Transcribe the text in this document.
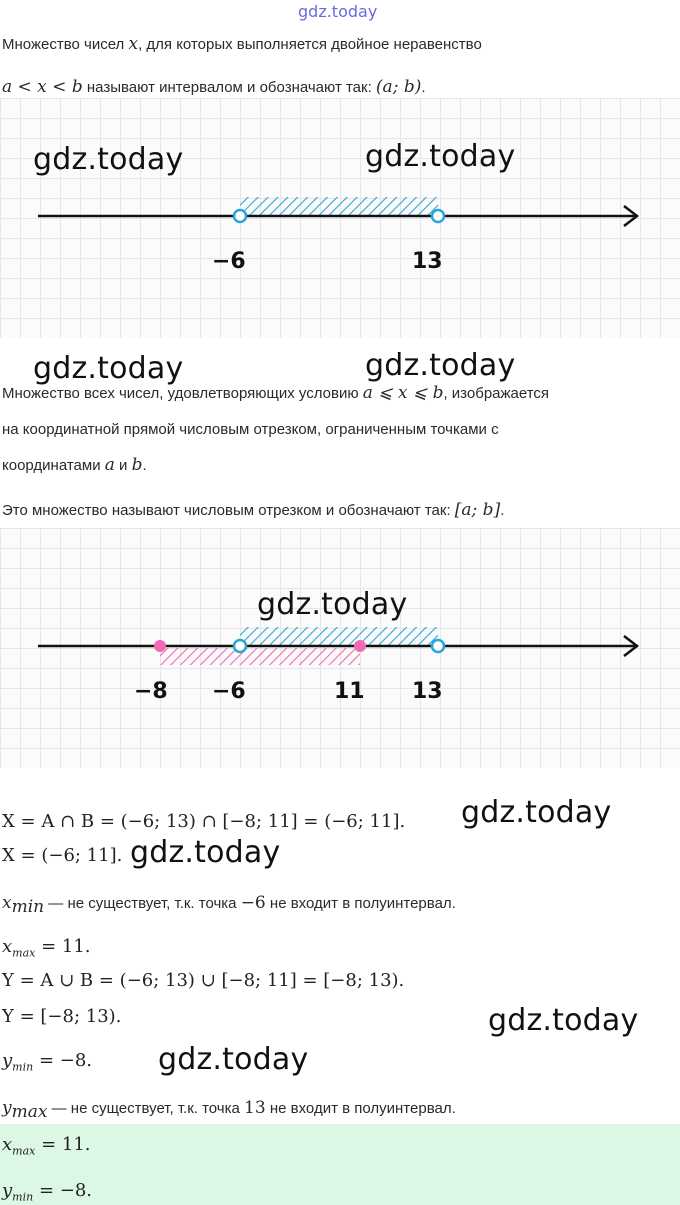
gdz.today
Множество чисел x, для которых выполняется двойное неравенство
a < x < b называют интервалом и обозначают так: (a; b).
−6	13
gdz.today	gdz.today
gdz.today	gdz.today
Множество всех чисел, удовлетворяющих условию a ⩽ x ⩽ b, изображается
на координатной прямой числовым отрезком, ограниченным точками с
координатами a и b.
Это множество называют числовым отрезком и обозначают так: [a; b].
−8 −6	11 13
gdz.today
X = A ∩ B = (−6; 13) ∩ [−8; 11] = (−6; 11]. gdz.today
X = (−6; 11]. gdz.today
$x_{min}$ — не существует, т.к. точка −6 не входит в полуинтервал.
$x_{max} = 11$.
Y = A ∪ B = (−6; 13) ∪ [−8; 11] = [−8; 13).
Y = [−8; 13).	gdz.today
$y_{min} = -8$. gdz.today
$y_{max}$ — не существует, т.к. точка 13 не входит в полуинтервал.
$x_{max} = 11$.
$y_{min} = -8$.
